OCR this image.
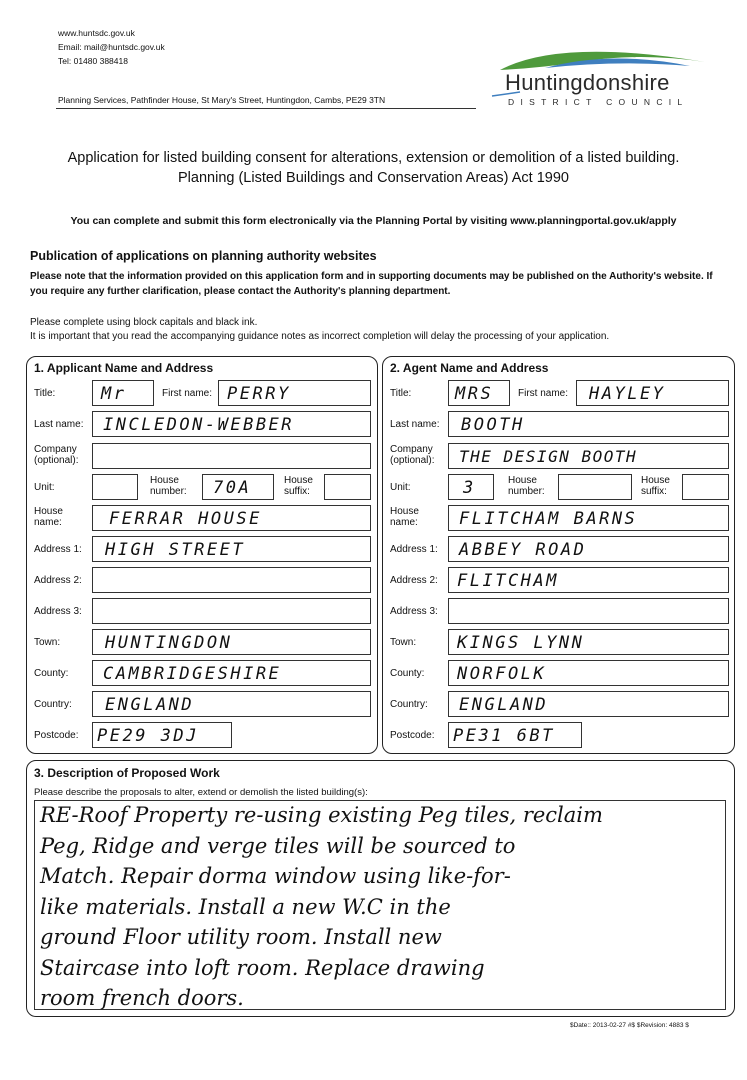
www.huntsdc.gov.uk
Email: mail@huntsdc.gov.uk
Tel: 01480 388418
Planning Services, Pathfinder House, St Mary's Street, Huntingdon, Cambs, PE29 3TN
Huntingdonshire
DISTRICT COUNCIL
Application for listed building consent for alterations, extension or demolition of a listed building.
Planning (Listed Buildings and Conservation Areas) Act 1990
You can complete and submit this form electronically via the Planning Portal by visiting www.planningportal.gov.uk/apply
Publication of applications on planning authority websites
Please note that the information provided on this application form and in supporting documents may be published on the Authority's website. If you require any further clarification, please contact the Authority's planning department.
Please complete using block capitals and black ink.
It is important that you read the accompanying guidance notes as incorrect completion will delay the processing of your application.
1. Applicant Name and Address
Title:	Mr	First name: PERRY
Last name: INCLEDON-WEBBER
Company
(optional):
Unit:
House
number: 70A	House
suffix:
House
name:	FERRAR HOUSE
Address 1: HIGH STREET
Address 2:
Address 3:
Town:	HUNTINGDON
County: CAMBRIDGESHIRE
Country: ENGLAND
Postcode: PE29 3DJ
2. Agent Name and Address
Title:	MRS First name: HAYLEY
Last name: BOOTH
Company
(optional): THE DESIGN BOOTH
Unit:	3	House
number:
House
suffix:
House
name: FLITCHAM BARNS
Address 1: ABBEY ROAD
Address 2: FLITCHAM
Address 3:
Town: KINGS LYNN
County: NORFOLK
Country: ENGLAND
Postcode: PE31 6BT
3. Description of Proposed Work
Please describe the proposals to alter, extend or demolish the listed building(s):
RE-Roof Property re-using existing Peg tiles, reclaim
Peg, Ridge and verge tiles will be sourced to
Match. Repair dorma window using like-for-
like materials. Install a new W.C in the
ground Floor utility room. Install new
Staircase into loft room. Replace drawing
room french doors.
$Date:: 2013-02-27 #$ $Revision: 4883 $
